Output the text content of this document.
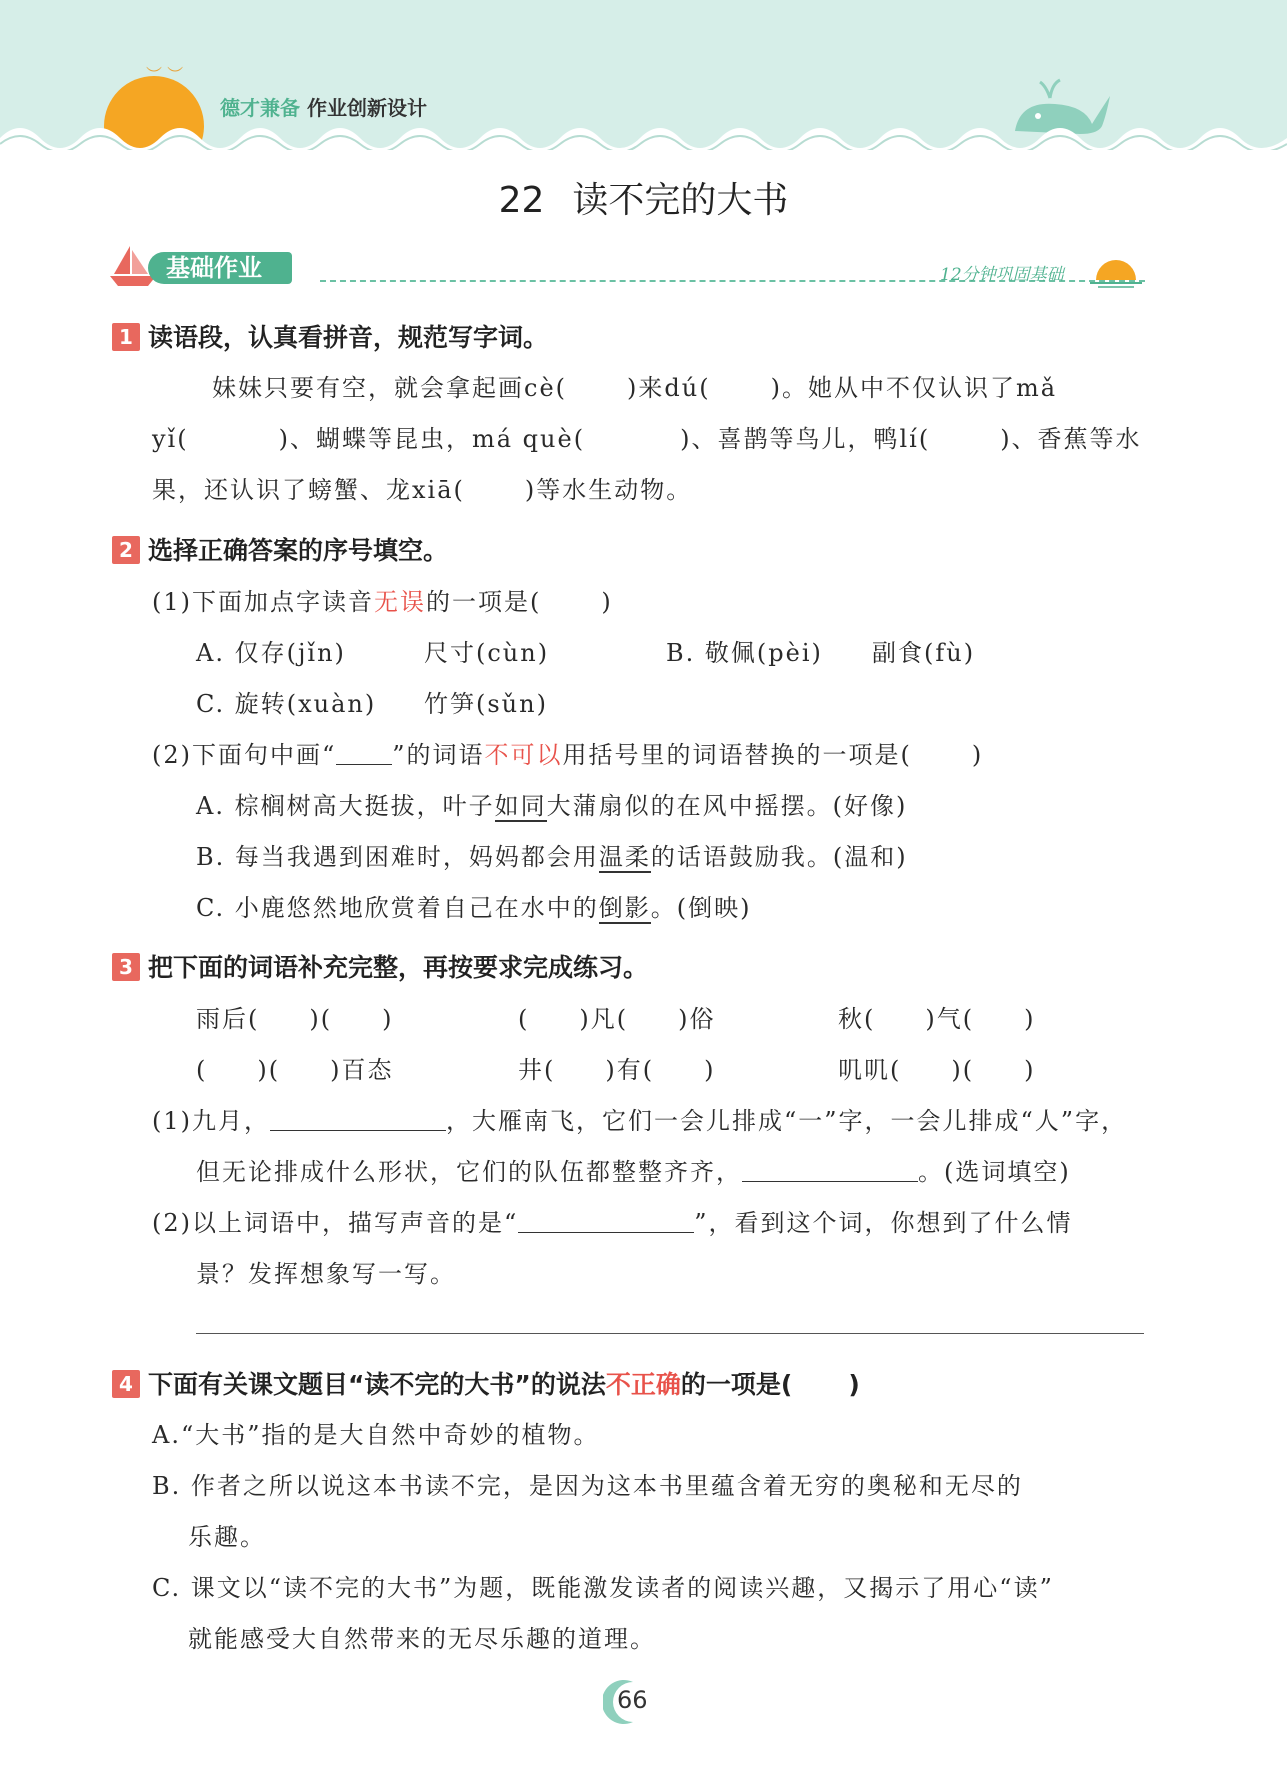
︶ ︶
德才兼备 作业创新设计
22 读不完的大书
基础作业	12分钟巩固基础
1 读语段，认真看拼音，规范写字词。
妹妹只要有空，就会拿起画cè(	)来dú(	)。她从中不仅认识了mǎ
yǐ(	)、蝴蝶等昆虫，má què(	)、喜鹊等鸟儿，鸭lí(	)、香蕉等水
果，还认识了螃蟹、龙xiā(	)等水生动物。
2 选择正确答案的序号填空。
(1)下面加点字读音无误的一项是(	)
A. 仅存(jǐn)	尺寸(cùn)	B. 敬佩(pèi) 副食(fù)
C. 旋转(xuàn) 竹笋(sǔn)
(2)下面句中画“ ”的词语不可以用括号里的词语替换的一项是(	)
A. 棕榈树高大挺拔，叶子如同大蒲扇似的在风中摇摆。(好像)
B. 每当我遇到困难时，妈妈都会用温柔的话语鼓励我。(温和)
C. 小鹿悠然地欣赏着自己在水中的倒影。(倒映)
3 把下面的词语补充完整，再按要求完成练习。
雨后( )( )	( )凡( )俗	秋( )气( )
( )( )百态	井( )有( )	叽叽( )( )
(1)九月，	，大雁南飞，它们一会儿排成“一”字，一会儿排成“人”字，
但无论排成什么形状，它们的队伍都整整齐齐，	。(选词填空)
(2)以上词语中，描写声音的是“	”，看到这个词，你想到了什么情
景？发挥想象写一写。
4 下面有关课文题目“读不完的大书”的说法不正确的一项是( )
A.“大书”指的是大自然中奇妙的植物。
B. 作者之所以说这本书读不完，是因为这本书里蕴含着无穷的奥秘和无尽的
乐趣。
C. 课文以“读不完的大书”为题，既能激发读者的阅读兴趣，又揭示了用心“读”
就能感受大自然带来的无尽乐趣的道理。
66
